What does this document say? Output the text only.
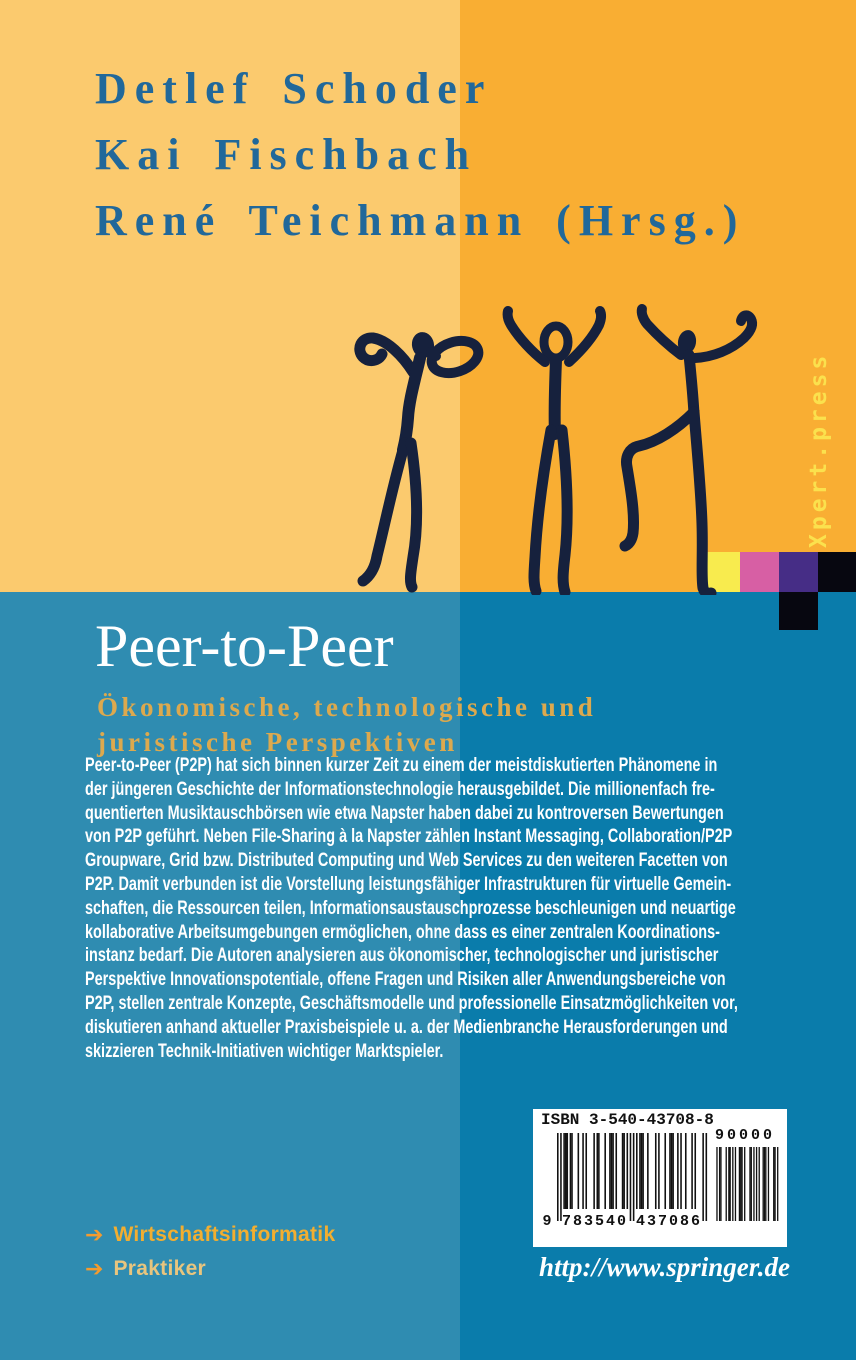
Detlef Schoder
Kai Fischbach
René Teichmann (Hrsg.)
Xpert.press
Peer-to-Peer
Ökonomische, technologische und
juristische Perspektiven
Peer-to-Peer (P2P) hat sich binnen kurzer Zeit zu einem der meistdiskutierten Phänomene in
der jüngeren Geschichte der Informationstechnologie herausgebildet. Die millionenfach fre-
quentierten Musiktauschbörsen wie etwa Napster haben dabei zu kontroversen Bewertungen
von P2P geführt. Neben File-Sharing à la Napster zählen Instant Messaging, Collaboration/P2P
Groupware, Grid bzw. Distributed Computing und Web Services zu den weiteren Facetten von
P2P. Damit verbunden ist die Vorstellung leistungsfähiger Infrastrukturen für virtuelle Gemein-
schaften, die Ressourcen teilen, Informationsaustauschprozesse beschleunigen und neuartige
kollaborative Arbeitsumgebungen ermöglichen, ohne dass es einer zentralen Koordinations-
instanz bedarf. Die Autoren analysieren aus ökonomischer, technologischer und juristischer
Perspektive Innovationspotentiale, offene Fragen und Risiken aller Anwendungsbereiche von
P2P, stellen zentrale Konzepte, Geschäftsmodelle und professionelle Einsatzmöglichkeiten vor,
diskutieren anhand aktueller Praxisbeispiele u. a. der Medienbranche Herausforderungen und
skizzieren Technik-Initiativen wichtiger Marktspieler.
➔ Wirtschaftsinformatik
➔ Praktiker
ISBN 3-540-43708-8
9 783540 437086
90000
http://www.springer.de
